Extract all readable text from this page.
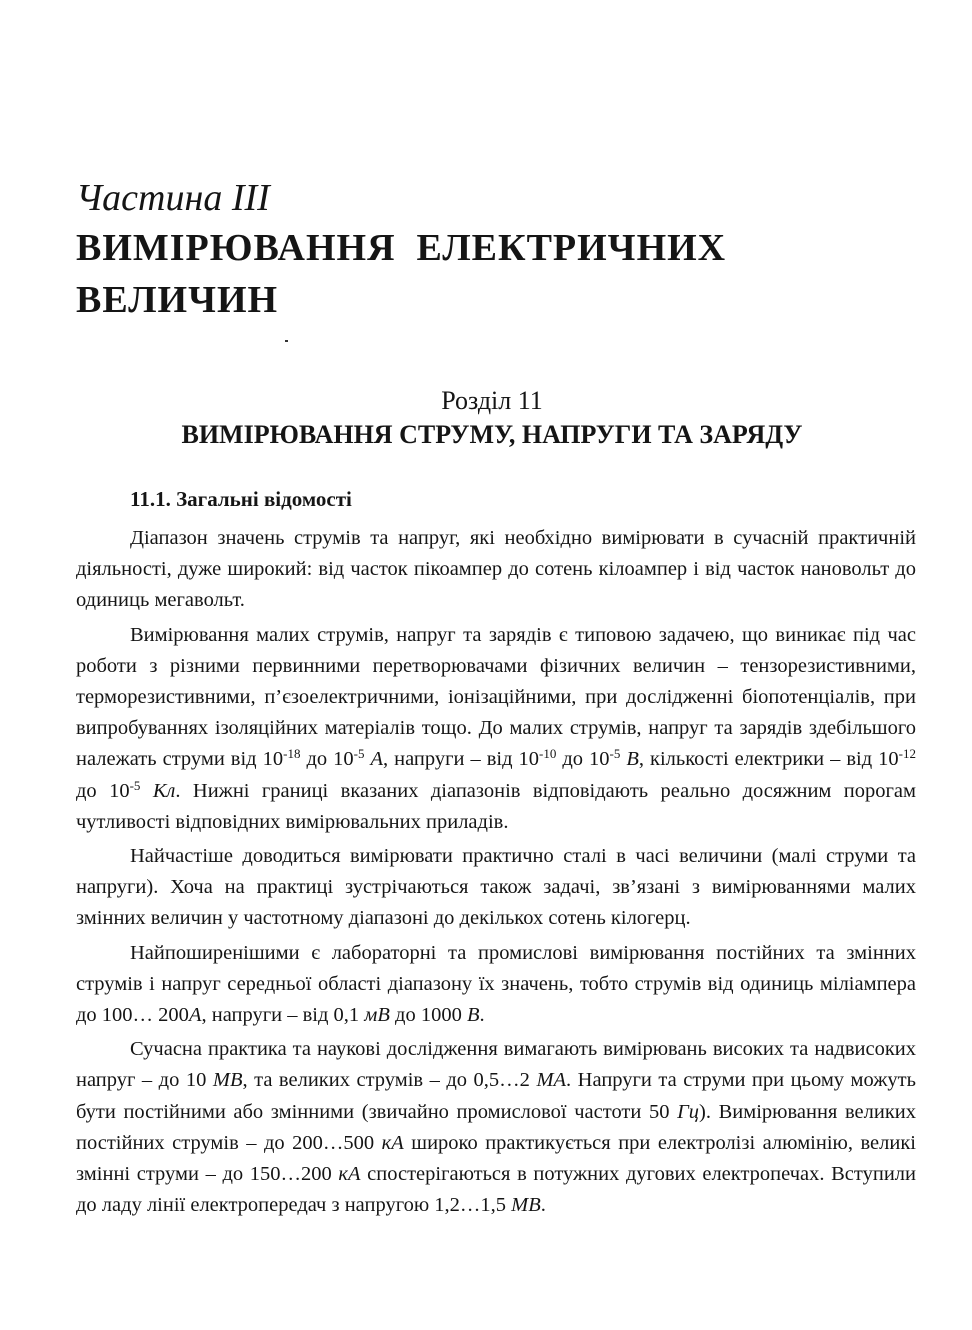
Частина ІІІ
ВИМІРЮВАННЯ  ЕЛЕКТРИЧНИХ
ВЕЛИЧИН
Розділ 11
ВИМІРЮВАННЯ СТРУМУ, НАПРУГИ ТА ЗАРЯДУ
11.1. Загальні відомості

Діапазон значень струмів та напруг, які необхідно вимірювати в сучасній практичній діяльності, дуже широкий: від часток пікоампер до сотень кілоампер і від часток нановольт до одиниць мегавольт.

Вимірювання малих струмів, напруг та зарядів є типовою задачею, що виникає під час роботи з різними первинними перетворювачами фізичних величин – тензорезистивними, терморезистивними, п’єзоелектричними, іонізаційними, при дослідженні біопотенціалів, при випробуваннях ізоляційних матеріалів тощо. До малих струмів, напруг та зарядів здебільшого належать струми від $10^{-18}$ до $10^{-5}$ A, напруги – від $10^{-10}$ до $10^{-5}$ B, кількості електрики – від $10^{-12}$ до $10^{-5}$ Кл. Нижні границі вказаних діапазонів відповідають реально досяжним порогам чутливості відповідних вимірювальних приладів.

Найчастіше доводиться вимірювати практично сталі в часі величини (малі струми та напруги). Хоча на практиці зустрічаються також задачі, зв’язані з вимірюваннями малих змінних величин у частотному діапазоні до декількох сотень кілогерц.

Найпоширенішими є лабораторні та промислові вимірювання постійних та змінних струмів і напруг середньої області діапазону їх значень, тобто струмів від одиниць міліампера до 100… 200A, напруги – від 0,1 мВ до 1000 В.

Сучасна практика та наукові дослідження вимагають вимірювань високих та надвисоких напруг – до 10 МВ, та великих струмів – до 0,5…2 МА. Напруги та струми при цьому можуть бути постійними або змінними (звичайно промислової частоти 50 Гц). Вимірювання великих постійних струмів – до 200…500 кА широко практикується при електролізі алюмінію, великі змінні струми – до 150…200 кА спостерігаються в потужних дугових електропечах. Вступили до ладу лінії електропередач з напругою 1,2…1,5 МВ.
